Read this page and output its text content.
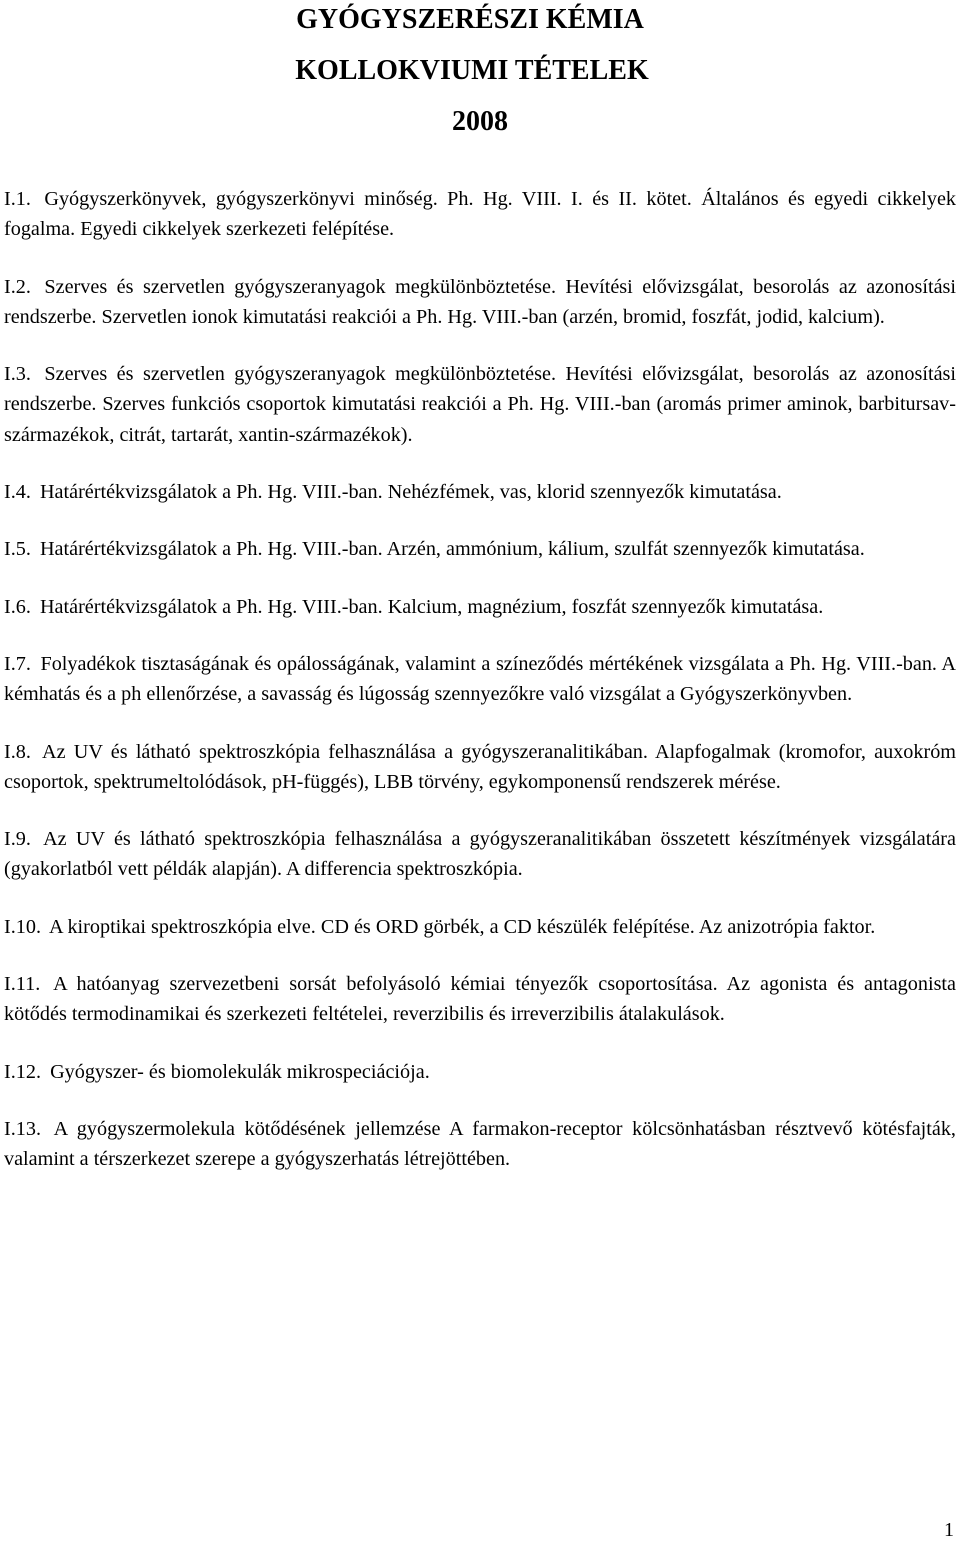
GYÓGYSZERÉSZI KÉMIA
KOLLOKVIUMI TÉTELEK
2008

I.1. Gyógyszerkönyvek, gyógyszerkönyvi minőség. Ph. Hg. VIII. I. és II. kötet. Általános és egyedi cikkelyek fogalma. Egyedi cikkelyek szerkezeti felépítése.

I.2. Szerves és szervetlen gyógyszeranyagok megkülönböztetése. Hevítési elővizsgálat, besorolás az azonosítási rendszerbe. Szervetlen ionok kimutatási reakciói a Ph. Hg. VIII.-ban (arzén, bromid, foszfát, jodid, kalcium).

I.3. Szerves és szervetlen gyógyszeranyagok megkülönböztetése. Hevítési elővizsgálat, besorolás az azonosítási rendszerbe. Szerves funkciós csoportok kimutatási reakciói a Ph. Hg. VIII.-ban (aromás primer aminok, barbitursav-származékok, citrát, tartarát, xantin-származékok).

I.4. Határértékvizsgálatok a Ph. Hg. VIII.-ban. Nehézfémek, vas, klorid szennyezők kimutatása.

I.5. Határértékvizsgálatok a Ph. Hg. VIII.-ban. Arzén, ammónium, kálium, szulfát szennyezők kimutatása.

I.6. Határértékvizsgálatok a Ph. Hg. VIII.-ban. Kalcium, magnézium, foszfát szennyezők kimutatása.

I.7. Folyadékok tisztaságának és opálosságának, valamint a színeződés mértékének vizsgálata a Ph. Hg. VIII.-ban. A kémhatás és a ph ellenőrzése, a savasság és lúgosság szennyezőkre való vizsgálat a Gyógyszerkönyvben.

I.8. Az UV és látható spektroszkópia felhasználása a gyógyszeranalitikában. Alapfogalmak (kromofor, auxokróm csoportok, spektrumeltolódások, pH-függés), LBB törvény, egykomponensű rendszerek mérése.

I.9. Az UV és látható spektroszkópia felhasználása a gyógyszeranalitikában összetett készítmények vizsgálatára (gyakorlatból vett példák alapján). A differencia spektroszkópia.

I.10. A kiroptikai spektroszkópia elve. CD és ORD görbék, a CD készülék felépítése. Az anizotrópia faktor.

I.11. A hatóanyag szervezetbeni sorsát befolyásoló kémiai tényezők csoportosítása. Az agonista és antagonista kötődés termodinamikai és szerkezeti feltételei, reverzibilis és irreverzibilis átalakulások.

I.12. Gyógyszer- és biomolekulák mikrospeciációja.

I.13. A gyógyszermolekula kötődésének jellemzése A farmakon-receptor kölcsönhatásban résztvevő kötésfajták, valamint a térszerkezet szerepe a gyógyszerhatás létrejöttében.

1
